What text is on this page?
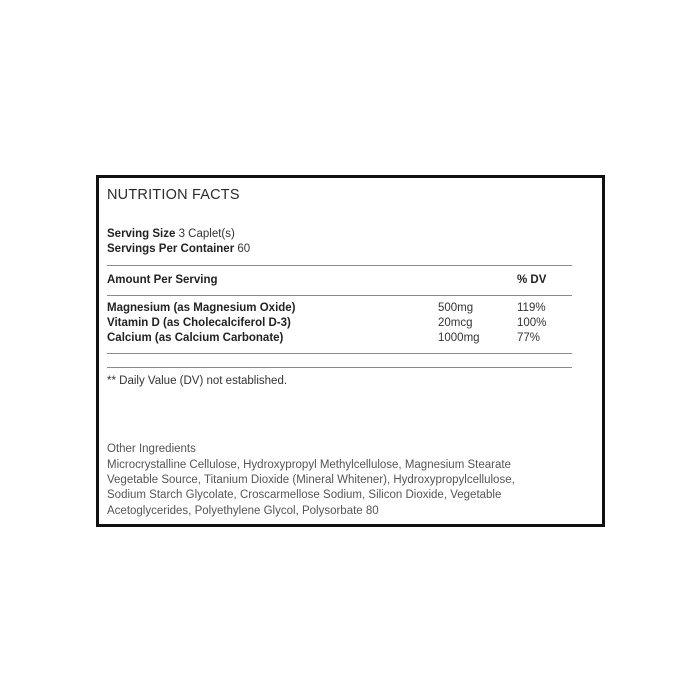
NUTRITION FACTS
Serving Size 3 Caplet(s)
Servings Per Container 60
Amount Per Serving	% DV
Magnesium (as Magnesium Oxide)	500mg	119%
Vitamin D (as Cholecalciferol D-3)	20mcg	100%
Calcium (as Calcium Carbonate)	1000mg	77%
** Daily Value (DV) not established.
Other Ingredients
Microcrystalline Cellulose, Hydroxypropyl Methylcellulose, Magnesium Stearate Vegetable Source, Titanium Dioxide (Mineral Whitener), Hydroxypropylcellulose, Sodium Starch Glycolate, Croscarmellose Sodium, Silicon Dioxide, Vegetable Acetoglycerides, Polyethylene Glycol, Polysorbate 80
